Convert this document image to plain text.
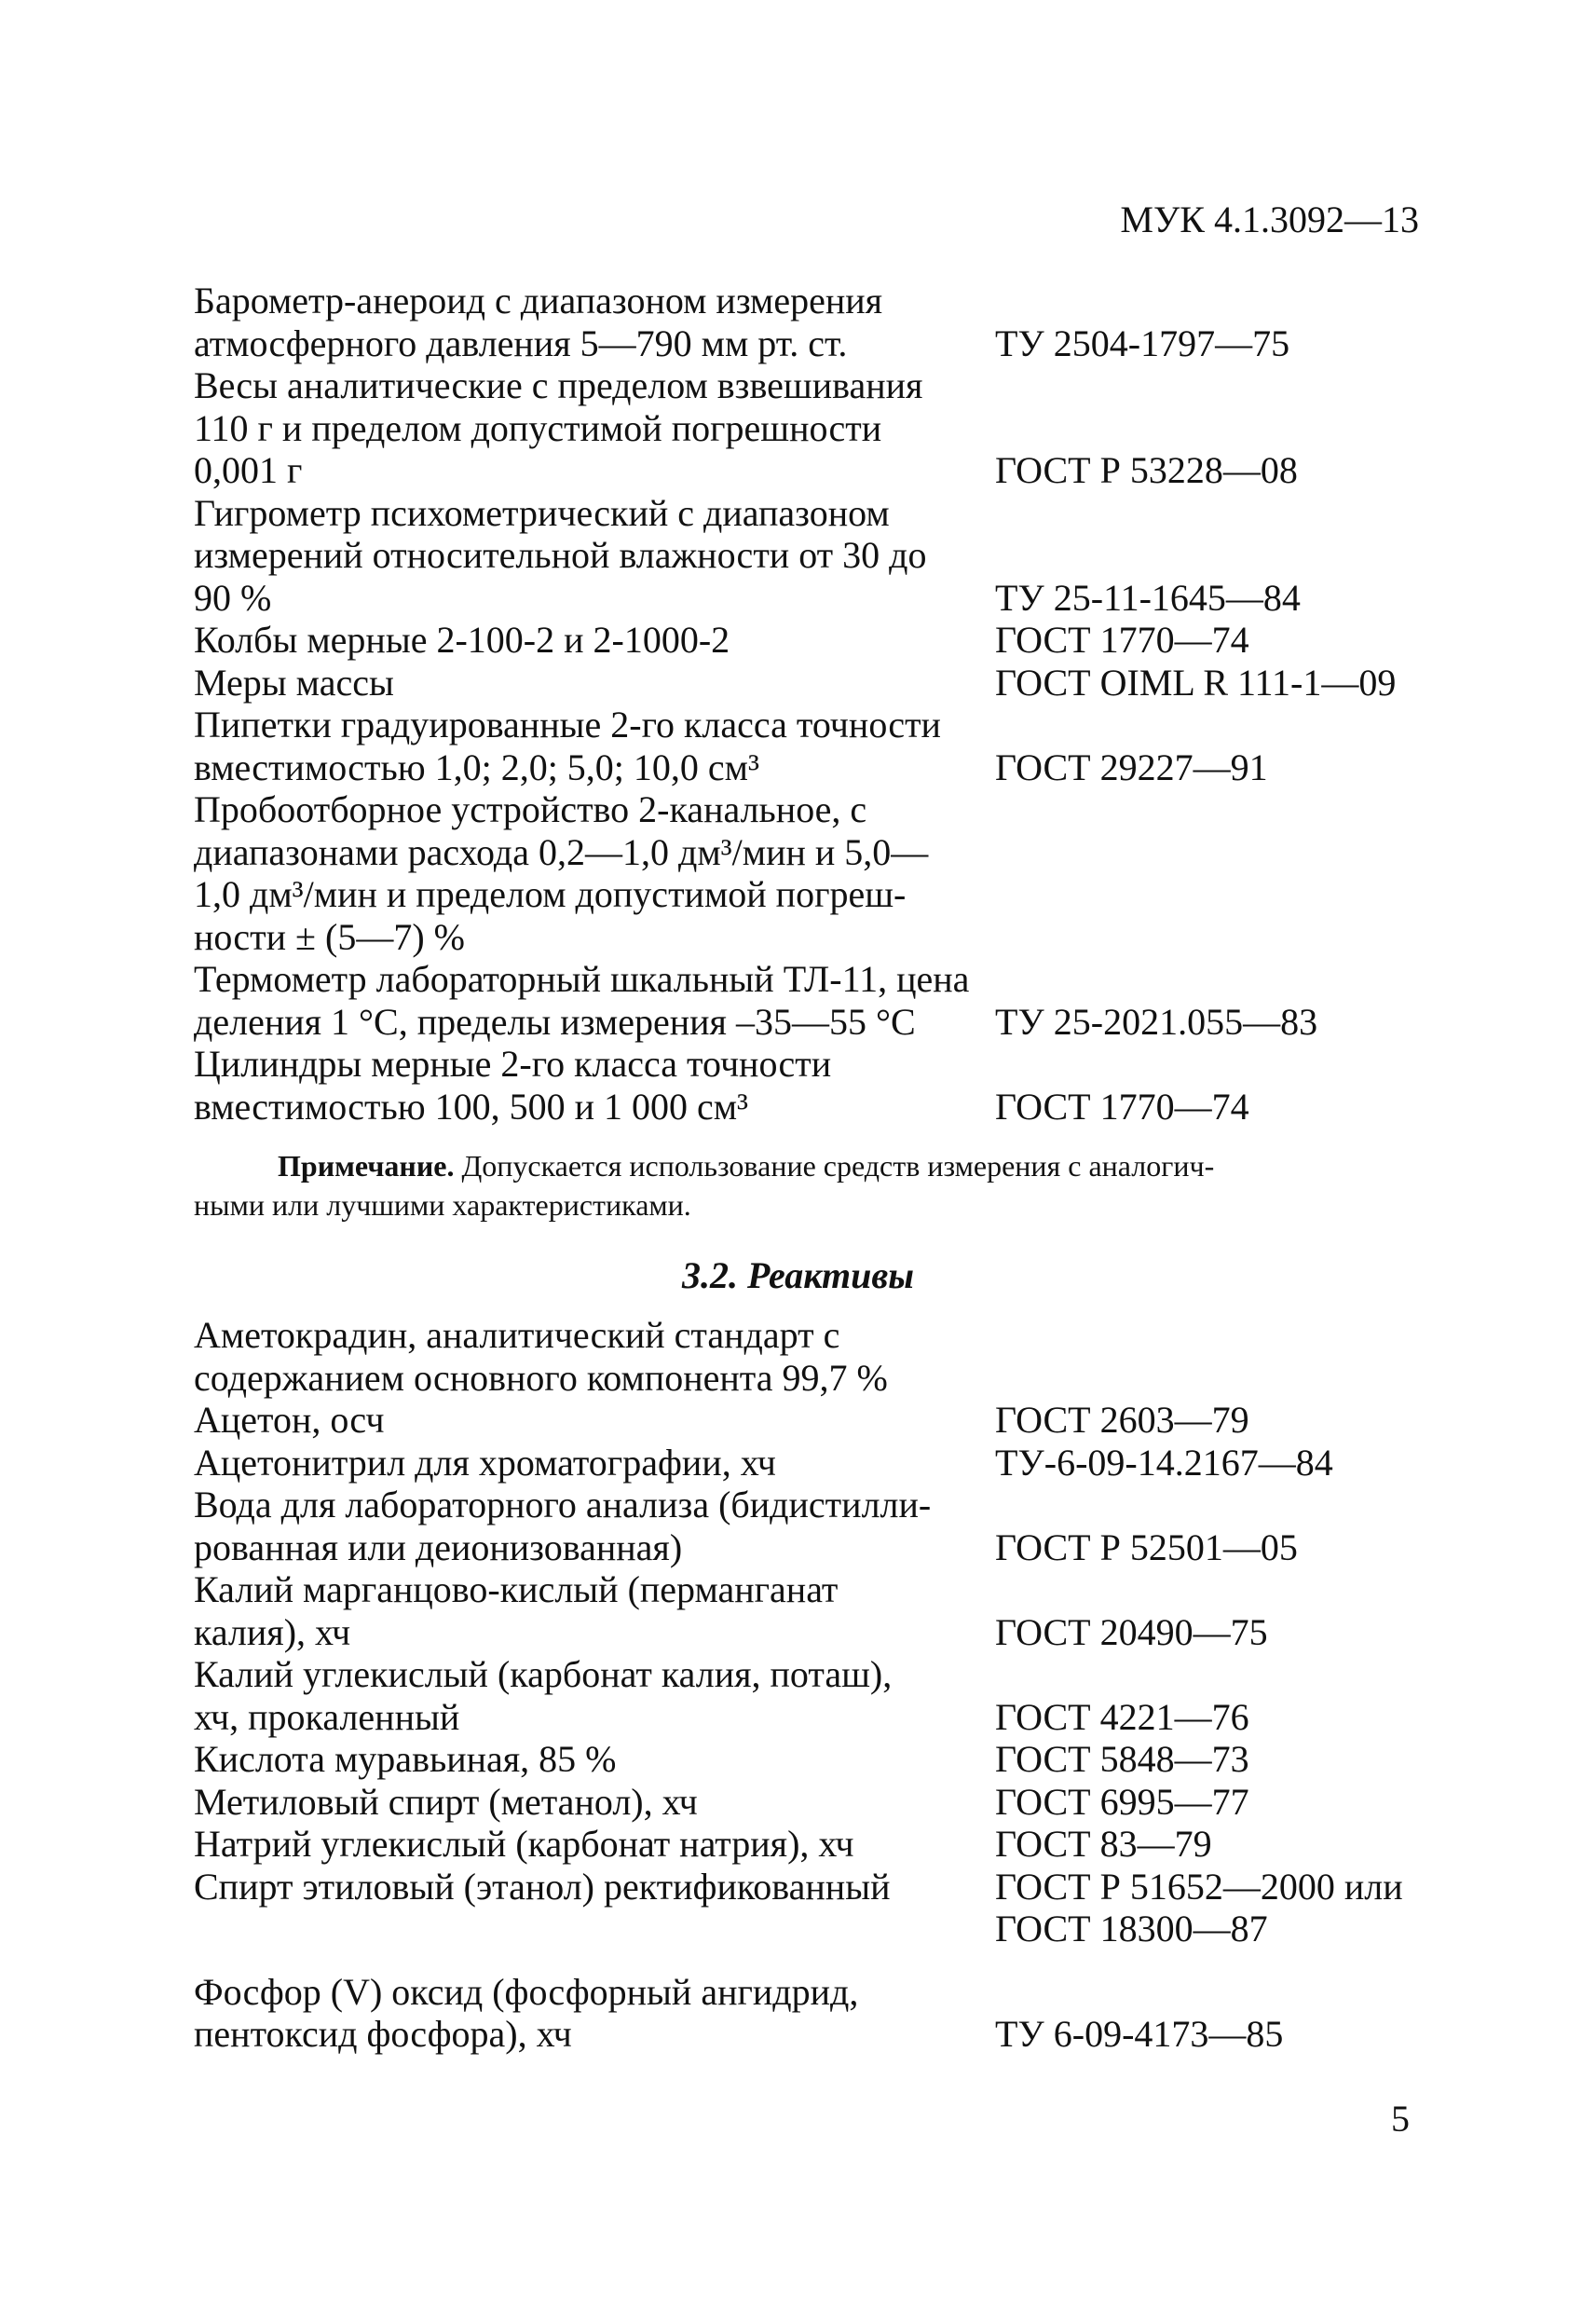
МУК 4.1.3092—13
Барометр-анероид с диапазоном измерения
атмосферного давления 5—790 мм рт. ст.	ТУ 2504-1797—75
Весы аналитические с пределом взвешивания
110 г и пределом допустимой погрешности
0,001 г	ГОСТ Р 53228—08
Гигрометр психометрический с диапазоном
измерений относительной влажности от 30 до
90 %	ТУ 25-11-1645—84
Колбы мерные 2-100-2 и 2-1000-2	ГОСТ 1770—74
Меры массы	ГОСТ OIML R 111-1—09
Пипетки градуированные 2-го класса точности
вместимостью 1,0; 2,0; 5,0; 10,0 см³	ГОСТ 29227—91
Пробоотборное устройство 2-канальное, с
диапазонами расхода 0,2—1,0 дм³/мин и 5,0—
1,0 дм³/мин и пределом допустимой погреш-
ности ± (5—7) %
Термометр лабораторный шкальный ТЛ-11, цена
деления 1 °С, пределы измерения –35—55 °С	ТУ 25-2021.055—83
Цилиндры мерные 2-го класса точности
вместимостью 100, 500 и 1 000 см³	ГОСТ 1770—74
Примечание. Допускается использование средств измерения с аналогич-
ными или лучшими характеристиками.
3.2. Реактивы
Аметокрадин, аналитический стандарт с
содержанием основного компонента 99,7 %
Ацетон, осч	ГОСТ 2603—79
Ацетонитрил для хроматографии, хч	ТУ-6-09-14.2167—84
Вода для лабораторного анализа (бидистилли-
рованная или деионизованная)	ГОСТ Р 52501—05
Калий марганцово-кислый (перманганат
калия), хч	ГОСТ 20490—75
Калий углекислый (карбонат калия, поташ),
хч, прокаленный	ГОСТ 4221—76
Кислота муравьиная, 85 %	ГОСТ 5848—73
Метиловый спирт (метанол), хч	ГОСТ 6995—77
Натрий углекислый (карбонат натрия), хч	ГОСТ 83—79
Спирт этиловый (этанол) ректификованный	ГОСТ Р 51652—2000 или
ГОСТ 18300—87
Фосфор (V) оксид (фосфорный ангидрид,
пентоксид фосфора), хч	ТУ 6-09-4173—85
5
